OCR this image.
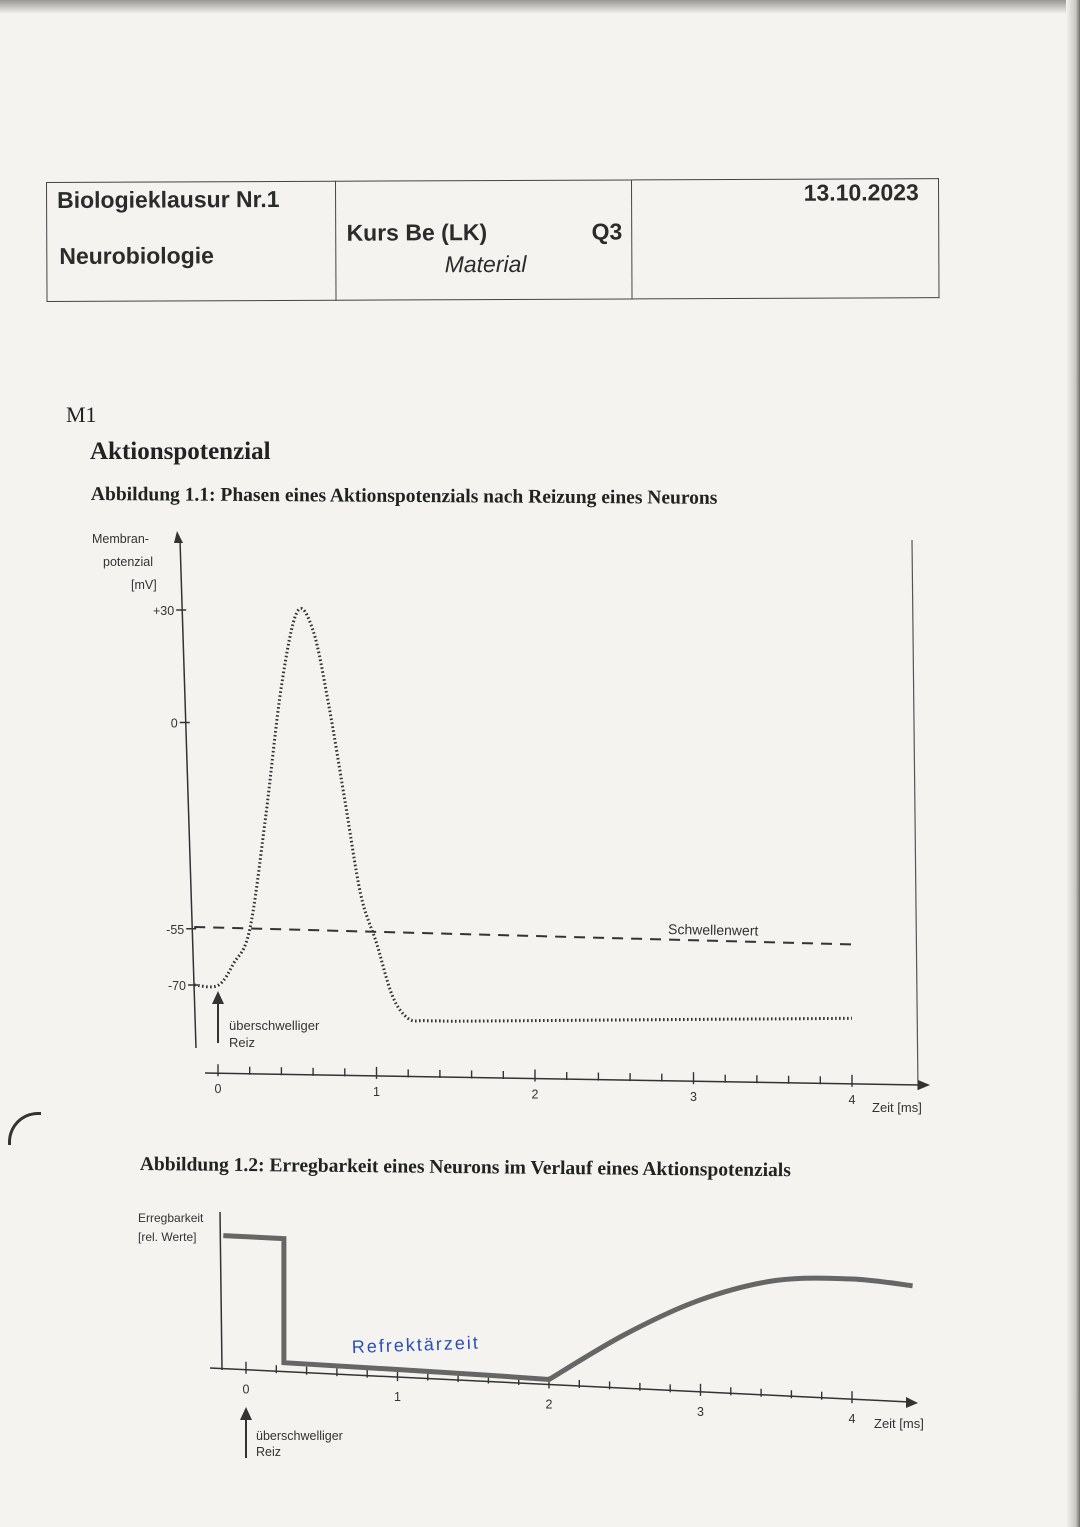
Biologieklausur Nr.1
Neurobiologie

Kurs Be (LK)	Q3
Material

13.10.2023
M1
Aktionspotenzial
Abbildung 1.1: Phasen eines Aktionspotenzials nach Reizung eines Neurons
Membran-
potenzial
[mV]
+30
0
-55
-70
0	1	2	3	4
Zeit [ms]
Schwellenwert
überschwelliger
Reiz
Abbildung 1.2: Erregbarkeit eines Neurons im Verlauf eines Aktionspotenzials
Erregbarkeit
[rel. Werte]
0
1
2
3
4 Zeit [ms]
Refrektärzeit
überschwelliger
Reiz
